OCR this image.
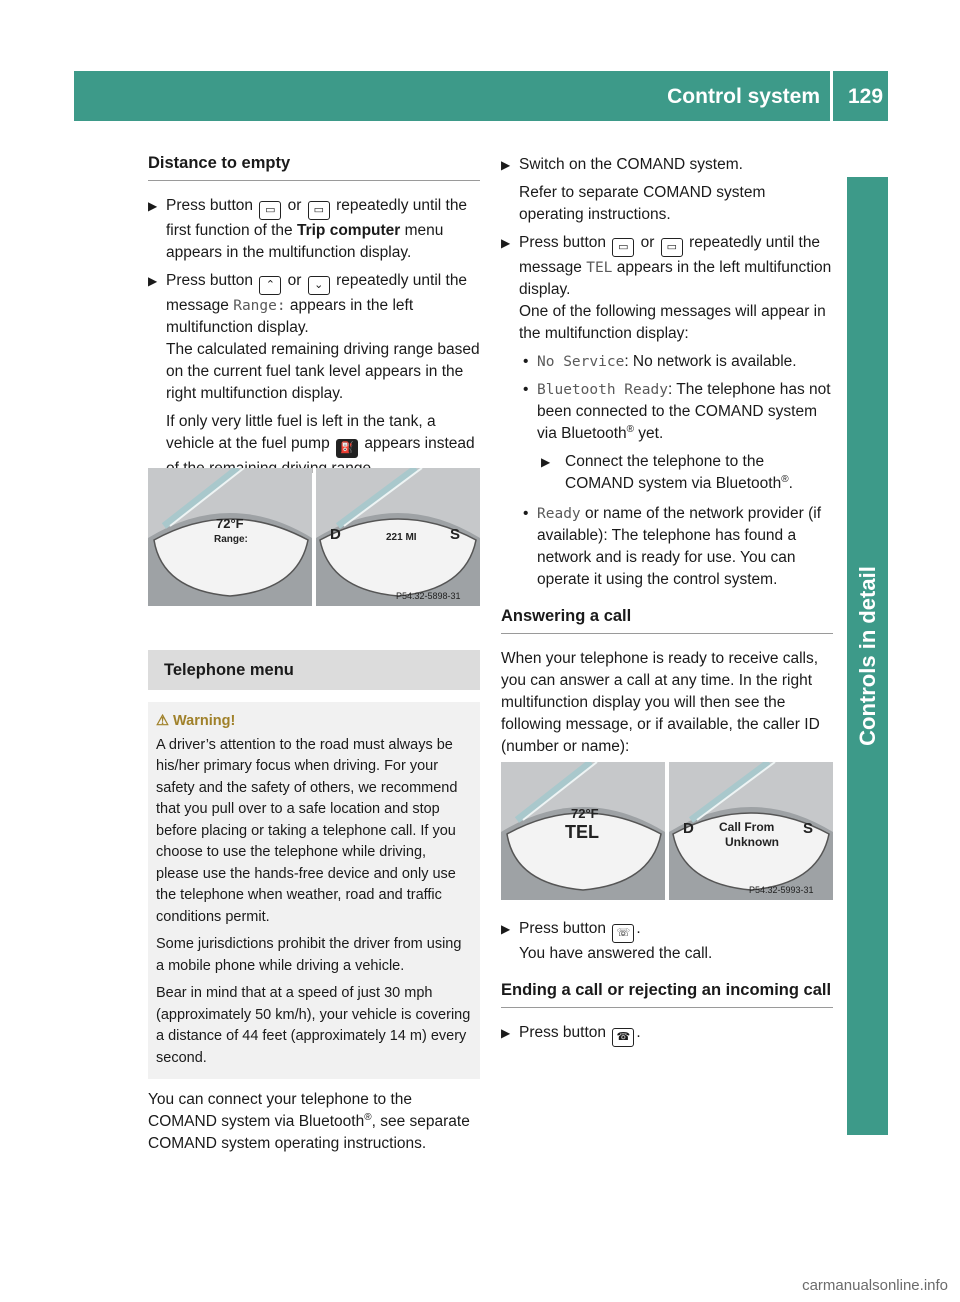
Control system 129
Controls in detail
Distance to empty
▶ Press button ▭ or ▭ repeatedly until the first function of the Trip computer menu appears in the multifunction display.
▶ Press button ⌃ or ⌄ repeatedly until the message Range: appears in the left multifunction display.
The calculated remaining driving range based on the current fuel tank level appears in the right multifunction display.

If only very little fuel is left in the tank, a vehicle at the fuel pump ⛽ appears instead

72°F
Range:	D	S
221 MI
P54.32-5898-31
Telephone menu
⚠ Warning!

A driver’s attention to the road must always be his/her primary focus when driving. For your safety and the safety of others, we recommend that you pull over to a safe location and stop before placing or taking a telephone call. If you choose to use the telephone while driving, please use the hands-free device and only use the telephone when weather, road and traffic conditions permit.

Some jurisdictions prohibit the driver from using a mobile phone while driving a vehicle.

Bear in mind that at a speed of just 30 mph (approximately 50 km/h), your vehicle is covering a distance of 44 feet (approximately 14 m) every second.

You can connect your telephone to the COMAND system via Bluetooth®, see separate COMAND system operating instructions.

▶ Switch on the COMAND system.

Refer to separate COMAND system operating instructions.

▶ Press button ▭ or ▭ repeatedly until the message TEL appears in the left multifunction display.
One of the following messages will appear in the multifunction display:

• No Service: No network is available.
• Bluetooth Ready: The telephone has not been connected to the COMAND system via Bluetooth® yet.
▶ Connect the telephone to the COMAND system via Bluetooth®.
• Ready or name of the network provider (if available): The telephone has found a network and is ready for use. You can operate it using the control system.
Answering a call

When your telephone is ready to receive calls, you can answer a call at any time. In the right multifunction display you will then see the following message, or if available, the caller ID (number or name):

72°F
TEL	D	S
Call From
Unknown
P54.32-5993-31
▶ Press button ☏ .
You have answered the call.

Ending a call or rejecting an incoming call
▶ Press button ☎ .
carmanualsonline.info
